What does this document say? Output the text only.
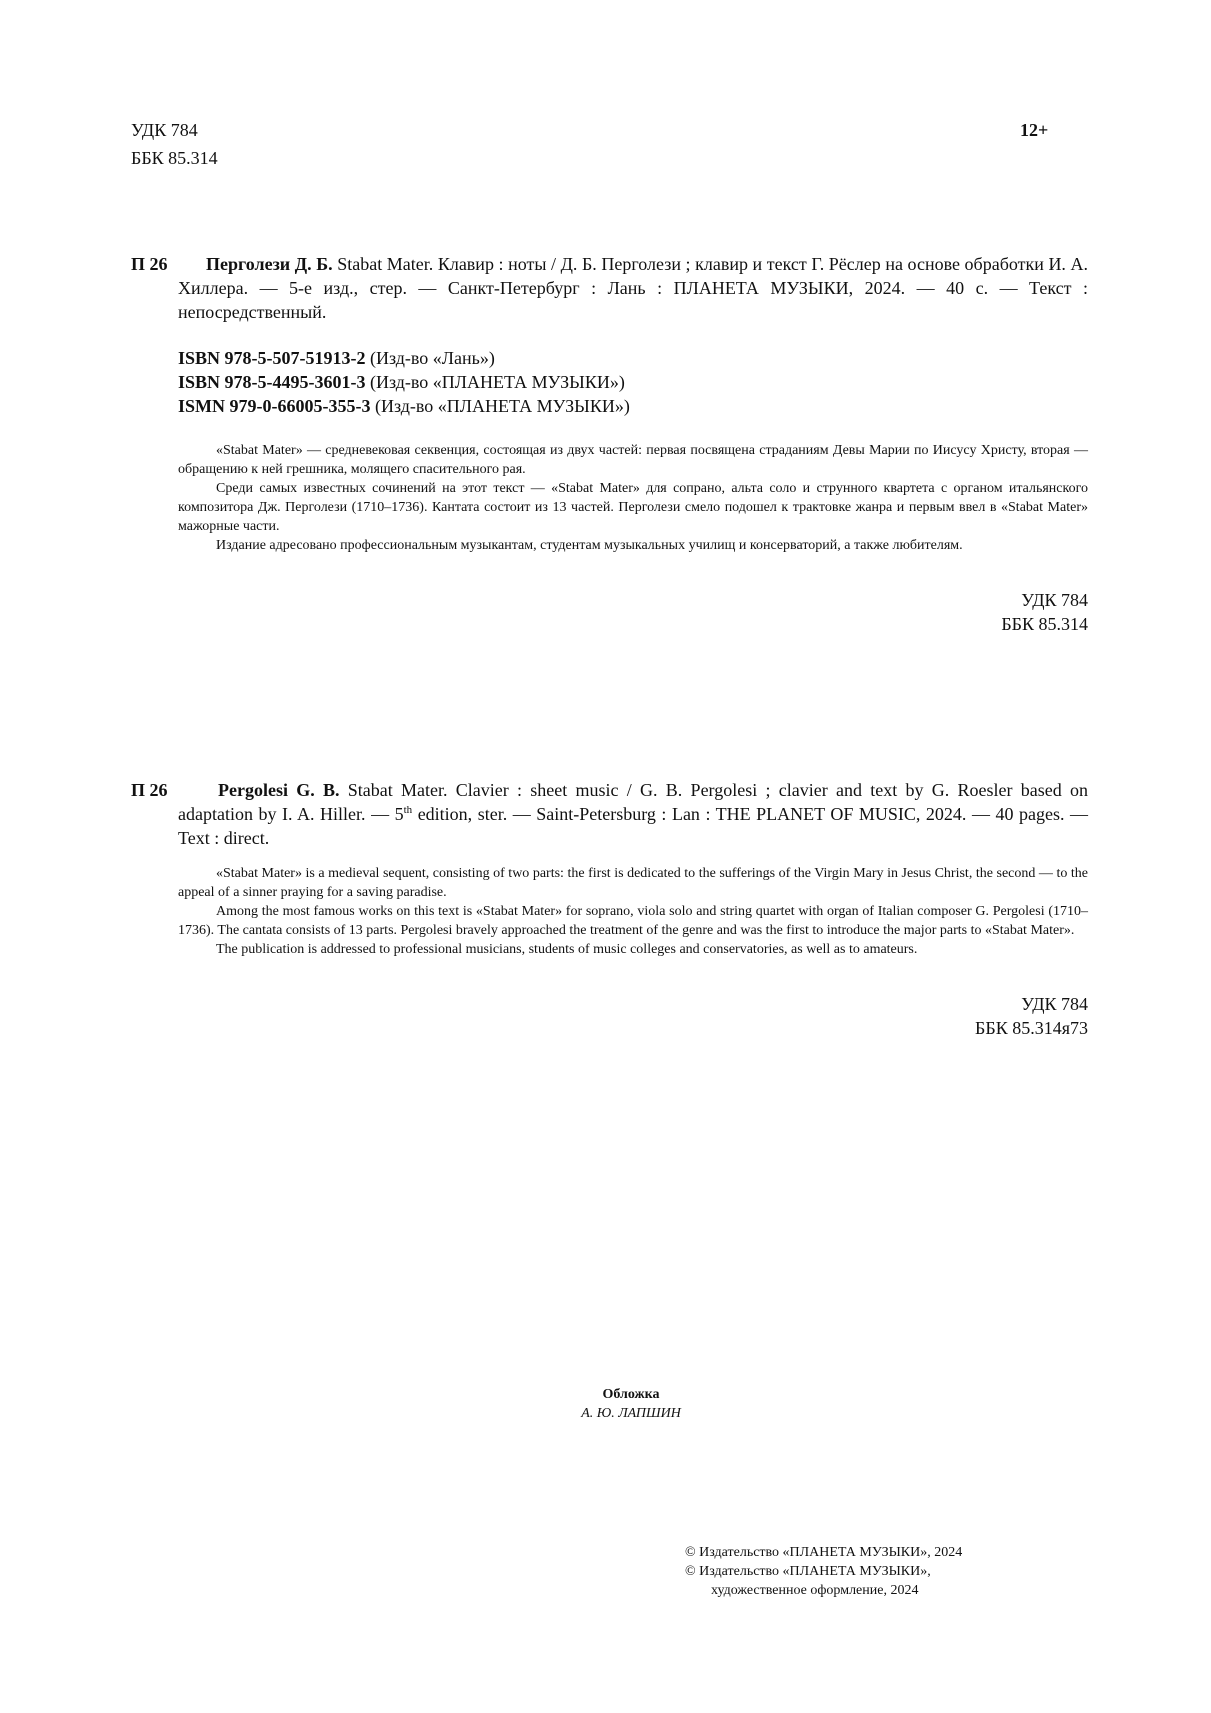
УДК 784
ББК 85.314
12+
Перголези Д. Б. Stabat Mater. Клавир : ноты / Д. Б. Перголези ; клавир и текст Г. Рёслер на основе обработки И. А. Хиллера. — 5-е изд., стер. — Санкт-Петербург : Лань : ПЛАНЕТА МУЗЫКИ, 2024. — 40 с. — Текст : непосредственный.
П 26
ISBN 978-5-507-51913-2 (Изд-во «Лань»)
ISBN 978-5-4495-3601-3 (Изд-во «ПЛАНЕТА МУЗЫКИ»)
ISMN 979-0-66005-355-3 (Изд-во «ПЛАНЕТА МУЗЫКИ»)

«Stabat Mater» — средневековая секвенция, состоящая из двух частей: первая посвящена страданиям Девы Марии по Иисусу Христу, вторая — обращению к ней грешника, молящего спасительного рая.

Среди самых известных сочинений на этот текст — «Stabat Mater» для сопрано, альта соло и струнного квартета с органом итальянского композитора Дж. Перголези (1710–1736). Кантата состоит из 13 частей. Перголези смело подошел к трактовке жанра и первым ввел в «Stabat Mater» мажорные части.

Издание адресовано профессиональным музыкантам, студентам музыкальных училищ и консерваторий, а также любителям.

УДК 784
ББК 85.314
Pergolesi G. B. Stabat Mater. Clavier : sheet music / G. B. Pergolesi ; clavier and text by G. Roesler based on adaptation by I. A. Hiller. — 5th edition, ster. — Saint-Petersburg : Lan : THE PLANET OF MUSIC, 2024. — 40 pages. — Text : direct.
П 26

«Stabat Mater» is a medieval sequent, consisting of two parts: the first is dedicated to the sufferings of the Virgin Mary in Jesus Christ, the second — to the appeal of a sinner praying for a saving paradise.

Among the most famous works on this text is «Stabat Mater» for soprano, viola solo and string quartet with organ of Italian composer G. Pergolesi (1710–1736). The cantata consists of 13 parts. Pergolesi bravely approached the treatment of the genre and was the first to introduce the major parts to «Stabat Mater».

The publication is addressed to professional musicians, students of music colleges and conservatories, as well as to amateurs.

УДК 784
ББК 85.314я73
Обложка
А. Ю. ЛАПШИН
© Издательство «ПЛАНЕТА МУЗЫКИ», 2024
© Издательство «ПЛАНЕТА МУЗЫКИ»,
художественное оформление, 2024
